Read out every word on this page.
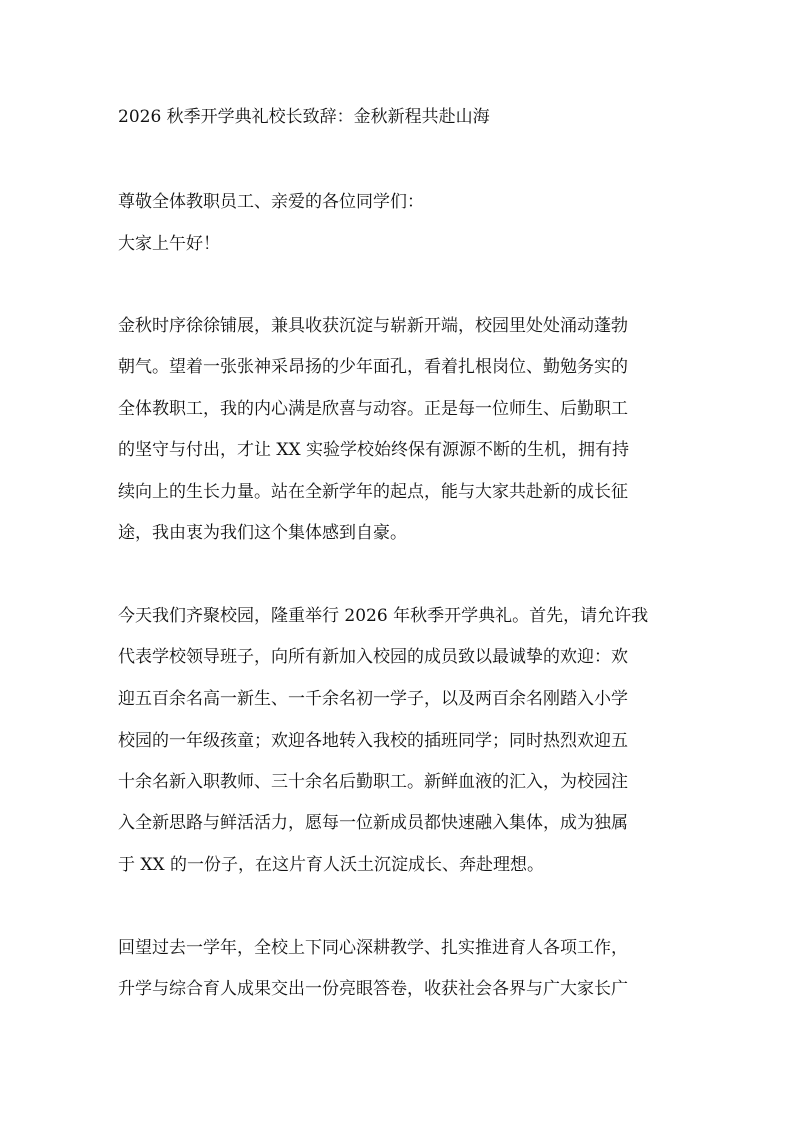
2026 秋季开学典礼校长致辞：金秋新程共赴山海

尊敬全体教职员工、亲爱的各位同学们：

大家上午好！

金秋时序徐徐铺展，兼具收获沉淀与崭新开端，校园里处处涌动蓬勃

朝气。望着一张张神采昂扬的少年面孔，看着扎根岗位、勤勉务实的

全体教职工，我的内心满是欣喜与动容。正是每一位师生、后勤职工

的坚守与付出，才让 XX 实验学校始终保有源源不断的生机，拥有持

续向上的生长力量。站在全新学年的起点，能与大家共赴新的成长征

途，我由衷为我们这个集体感到自豪。

今天我们齐聚校园，隆重举行 2026 年秋季开学典礼。首先，请允许我

代表学校领导班子，向所有新加入校园的成员致以最诚挚的欢迎：欢

迎五百余名高一新生、一千余名初一学子，以及两百余名刚踏入小学

校园的一年级孩童；欢迎各地转入我校的插班同学；同时热烈欢迎五

十余名新入职教师、三十余名后勤职工。新鲜血液的汇入，为校园注

入全新思路与鲜活活力，愿每一位新成员都快速融入集体，成为独属

于 XX 的一份子，在这片育人沃土沉淀成长、奔赴理想。

回望过去一学年，全校上下同心深耕教学、扎实推进育人各项工作，

升学与综合育人成果交出一份亮眼答卷，收获社会各界与广大家长广
